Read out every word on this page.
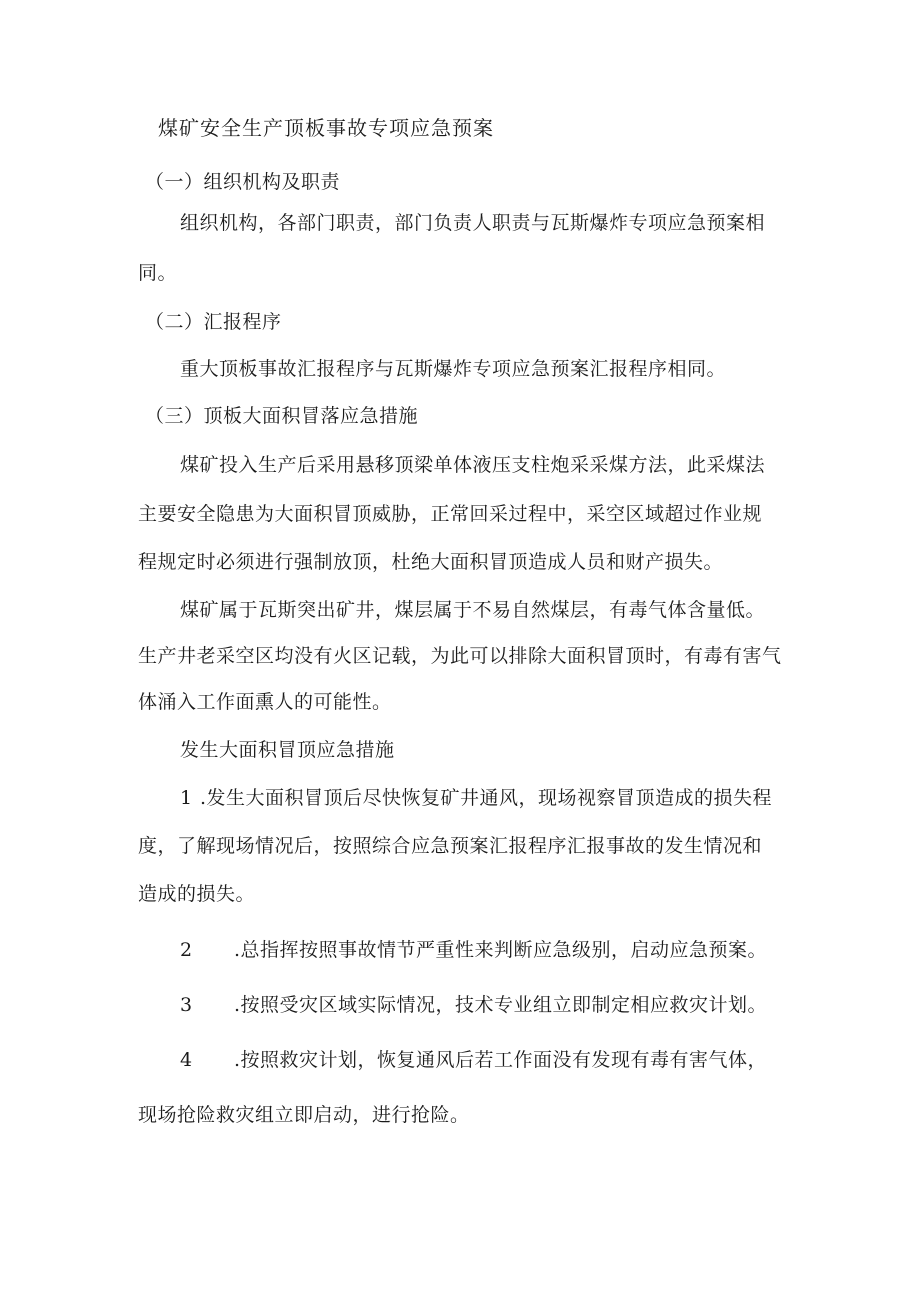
煤矿安全生产顶板事故专项应急预案
（一）组织机构及职责
组织机构，各部门职责，部门负责人职责与瓦斯爆炸专项应急预案相
同。
（二）汇报程序
重大顶板事故汇报程序与瓦斯爆炸专项应急预案汇报程序相同。
（三）顶板大面积冒落应急措施
煤矿投入生产后采用悬移顶梁单体液压支柱炮采采煤方法，此采煤法
主要安全隐患为大面积冒顶威胁，正常回采过程中，采空区域超过作业规
程规定时必须进行强制放顶，杜绝大面积冒顶造成人员和财产损失。
煤矿属于瓦斯突出矿井，煤层属于不易自然煤层，有毒气体含量低。
生产井老采空区均没有火区记载，为此可以排除大面积冒顶时，有毒有害气
体涌入工作面熏人的可能性。
发生大面积冒顶应急措施
1 .发生大面积冒顶后尽快恢复矿井通风，现场视察冒顶造成的损失程
度，了解现场情况后，按照综合应急预案汇报程序汇报事故的发生情况和
造成的损失。
2 .总指挥按照事故情节严重性来判断应急级别，启动应急预案。
3 .按照受灾区域实际情况，技术专业组立即制定相应救灾计划。
4 .按照救灾计划，恢复通风后若工作面没有发现有毒有害气体，
现场抢险救灾组立即启动，进行抢险。
